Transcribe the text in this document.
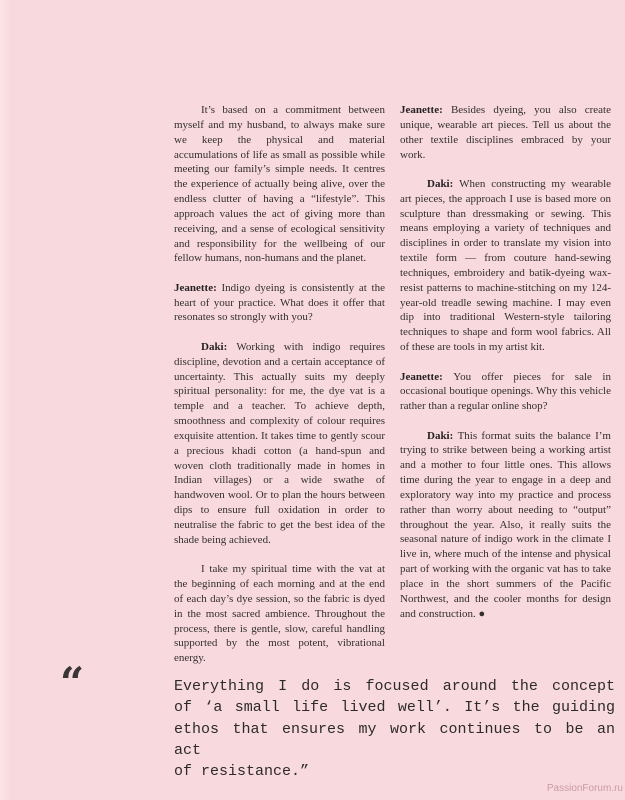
It’s based on a commitment between myself and my husband, to always make sure we keep the physical and material accumulations of life as small as possible while meeting our family’s simple needs. It centres the experience of actually being alive, over the endless clutter of having a “lifestyle”. This approach values the act of giving more than receiving, and a sense of ecological sensitivity and responsibility for the wellbeing of our fellow humans, non-humans and the planet.

Jeanette: Indigo dyeing is consistently at the heart of your practice. What does it offer that resonates so strongly with you?

Daki: Working with indigo requires discipline, devotion and a certain acceptance of uncertainty. This actually suits my deeply spiritual personality: for me, the dye vat is a temple and a teacher. To achieve depth, smoothness and complexity of colour requires exquisite attention. It takes time to gently scour a precious khadi cotton (a hand-spun and woven cloth traditionally made in homes in Indian villages) or a wide swathe of handwoven wool. Or to plan the hours between dips to ensure full oxidation in order to neutralise the fabric to get the best idea of the shade being achieved.

I take my spiritual time with the vat at the beginning of each morning and at the end of each day’s dye session, so the fabric is dyed in the most sacred ambience. Throughout the process, there is gentle, slow, careful handling supported by the most potent, vibrational energy.

Jeanette: Besides dyeing, you also create unique, wearable art pieces. Tell us about the other textile disciplines embraced by your work.

Daki: When constructing my wearable art pieces, the approach I use is based more on sculpture than dressmaking or sewing. This means employing a variety of techniques and disciplines in order to translate my vision into textile form — from couture hand-sewing techniques, embroidery and batik-dyeing wax-resist patterns to machine-stitching on my 124-year-old treadle sewing machine. I may even dip into traditional Western-style tailoring techniques to shape and form wool fabrics. All of these are tools in my artist kit.

Jeanette: You offer pieces for sale in occasional boutique openings. Why this vehicle rather than a regular online shop?

Daki: This format suits the balance I’m trying to strike between being a working artist and a mother to four little ones. This allows time during the year to engage in a deep and exploratory way into my practice and process rather than worry about needing to “output” throughout the year. Also, it really suits the seasonal nature of indigo work in the climate I live in, where much of the intense and physical part of working with the organic vat has to take place in the short summers of the Pacific Northwest, and the cooler months for design and construction. ●

“	Everything I do is focused around the concept
of ‘a small life lived well’. It’s the guiding
ethos that ensures my work continues to be an act
of resistance.”
PassionForum.ru
